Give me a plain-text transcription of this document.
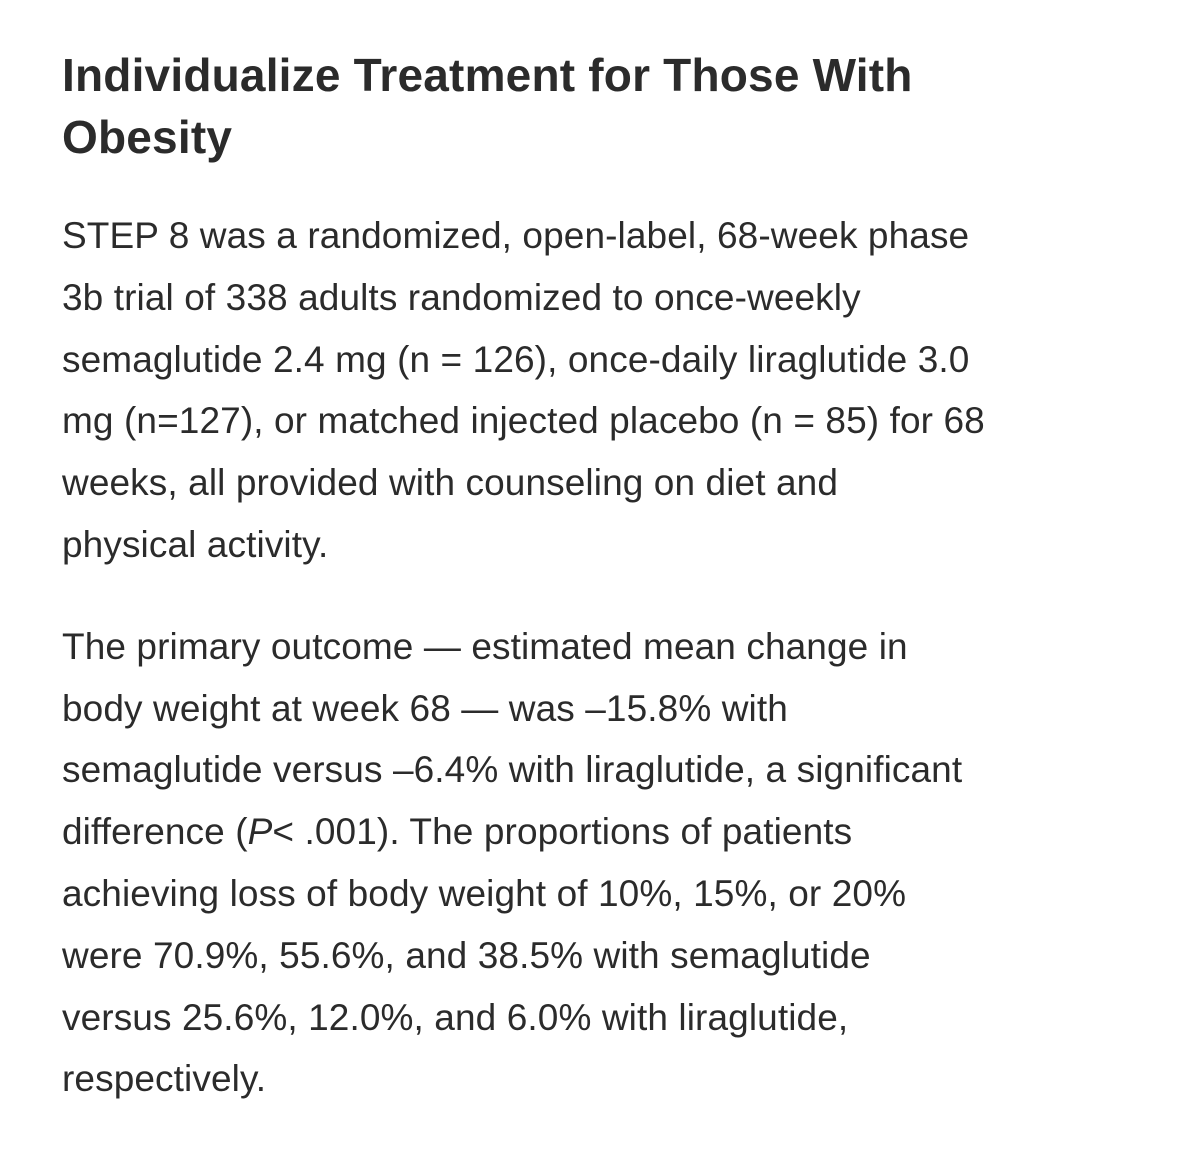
Individualize Treatment for Those With
Obesity

STEP 8 was a randomized, open-label, 68-week phase
3b trial of 338 adults randomized to once-weekly
semaglutide 2.4 mg (n = 126), once-daily liraglutide 3.0
mg (n=127), or matched injected placebo (n = 85) for 68
weeks, all provided with counseling on diet and
physical activity.

The primary outcome — estimated mean change in
body weight at week 68 — was –15.8% with
semaglutide versus –6.4% with liraglutide, a significant
difference (P< .001). The proportions of patients
achieving loss of body weight of 10%, 15%, or 20%
were 70.9%, 55.6%, and 38.5% with semaglutide
versus 25.6%, 12.0%, and 6.0% with liraglutide,
respectively.
